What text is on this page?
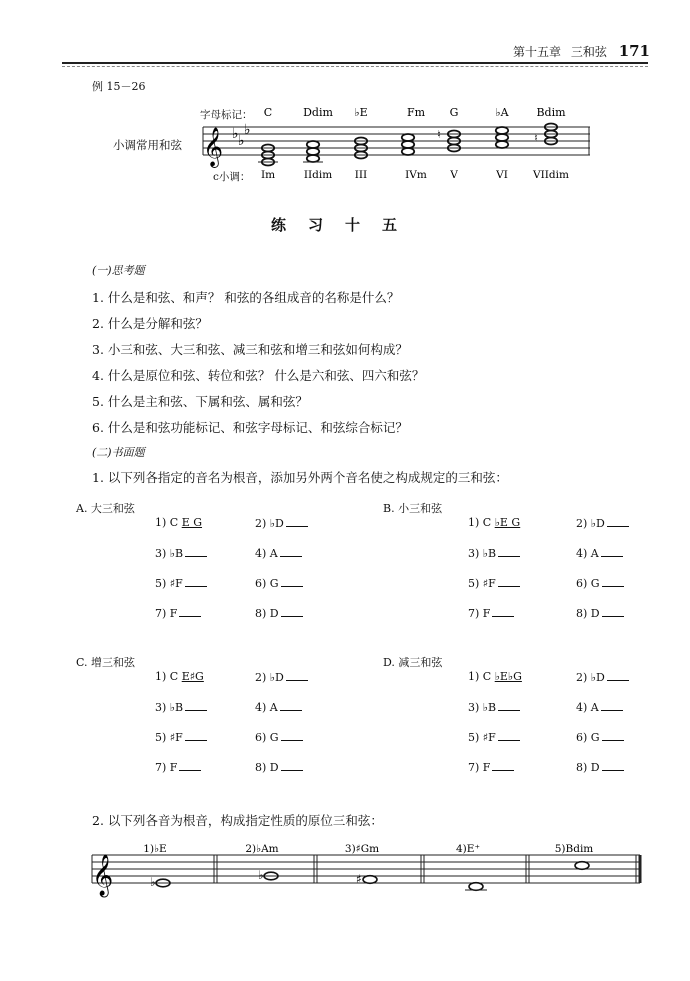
第十五章 三和弦 171
例 15－26
字母标记：
小调常用和弦
c小调：
𝄞 ♭ ♭
♭	♮	♮
C	Ddim ♭E	Fm G	♭A	Bdim
Im	IIdim III	IVm V	VI VIIdim
练习十五
(一)思考题
1. 什么是和弦、和声？ 和弦的各组成音的名称是什么？
2. 什么是分解和弦？
3. 小三和弦、大三和弦、减三和弦和增三和弦如何构成？
4. 什么是原位和弦、转位和弦？ 什么是六和弦、四六和弦？
5. 什么是主和弦、下属和弦、属和弦？
6. 什么是和弦功能标记、和弦字母标记、和弦综合标记？
(二)书面题
1. 以下列各指定的音名为根音，添加另外两个音名使之构成规定的三和弦：
A. 大三和弦
1) C E G	2) ♭D
3) ♭B	4) A
5) ♯F	6) G
7) F	8) D
B. 小三和弦
1) C ♭E G	2) ♭D
3) ♭B	4) A
5) ♯F	6) G
7) F	8) D
C. 增三和弦
1) C E♯G	2) ♭D
3) ♭B	4) A
5) ♯F	6) G
7) F	8) D
D. 减三和弦
1) C ♭E♭G	2) ♭D
3) ♭B	4) A
5) ♯F	6) G
7) F	8) D
2. 以下列各音为根音，构成指定性质的原位三和弦：
𝄞
1)♭E	2)♭Am	3)♯Gm	4)E⁺	5)Bdim
♭	♭	♯
